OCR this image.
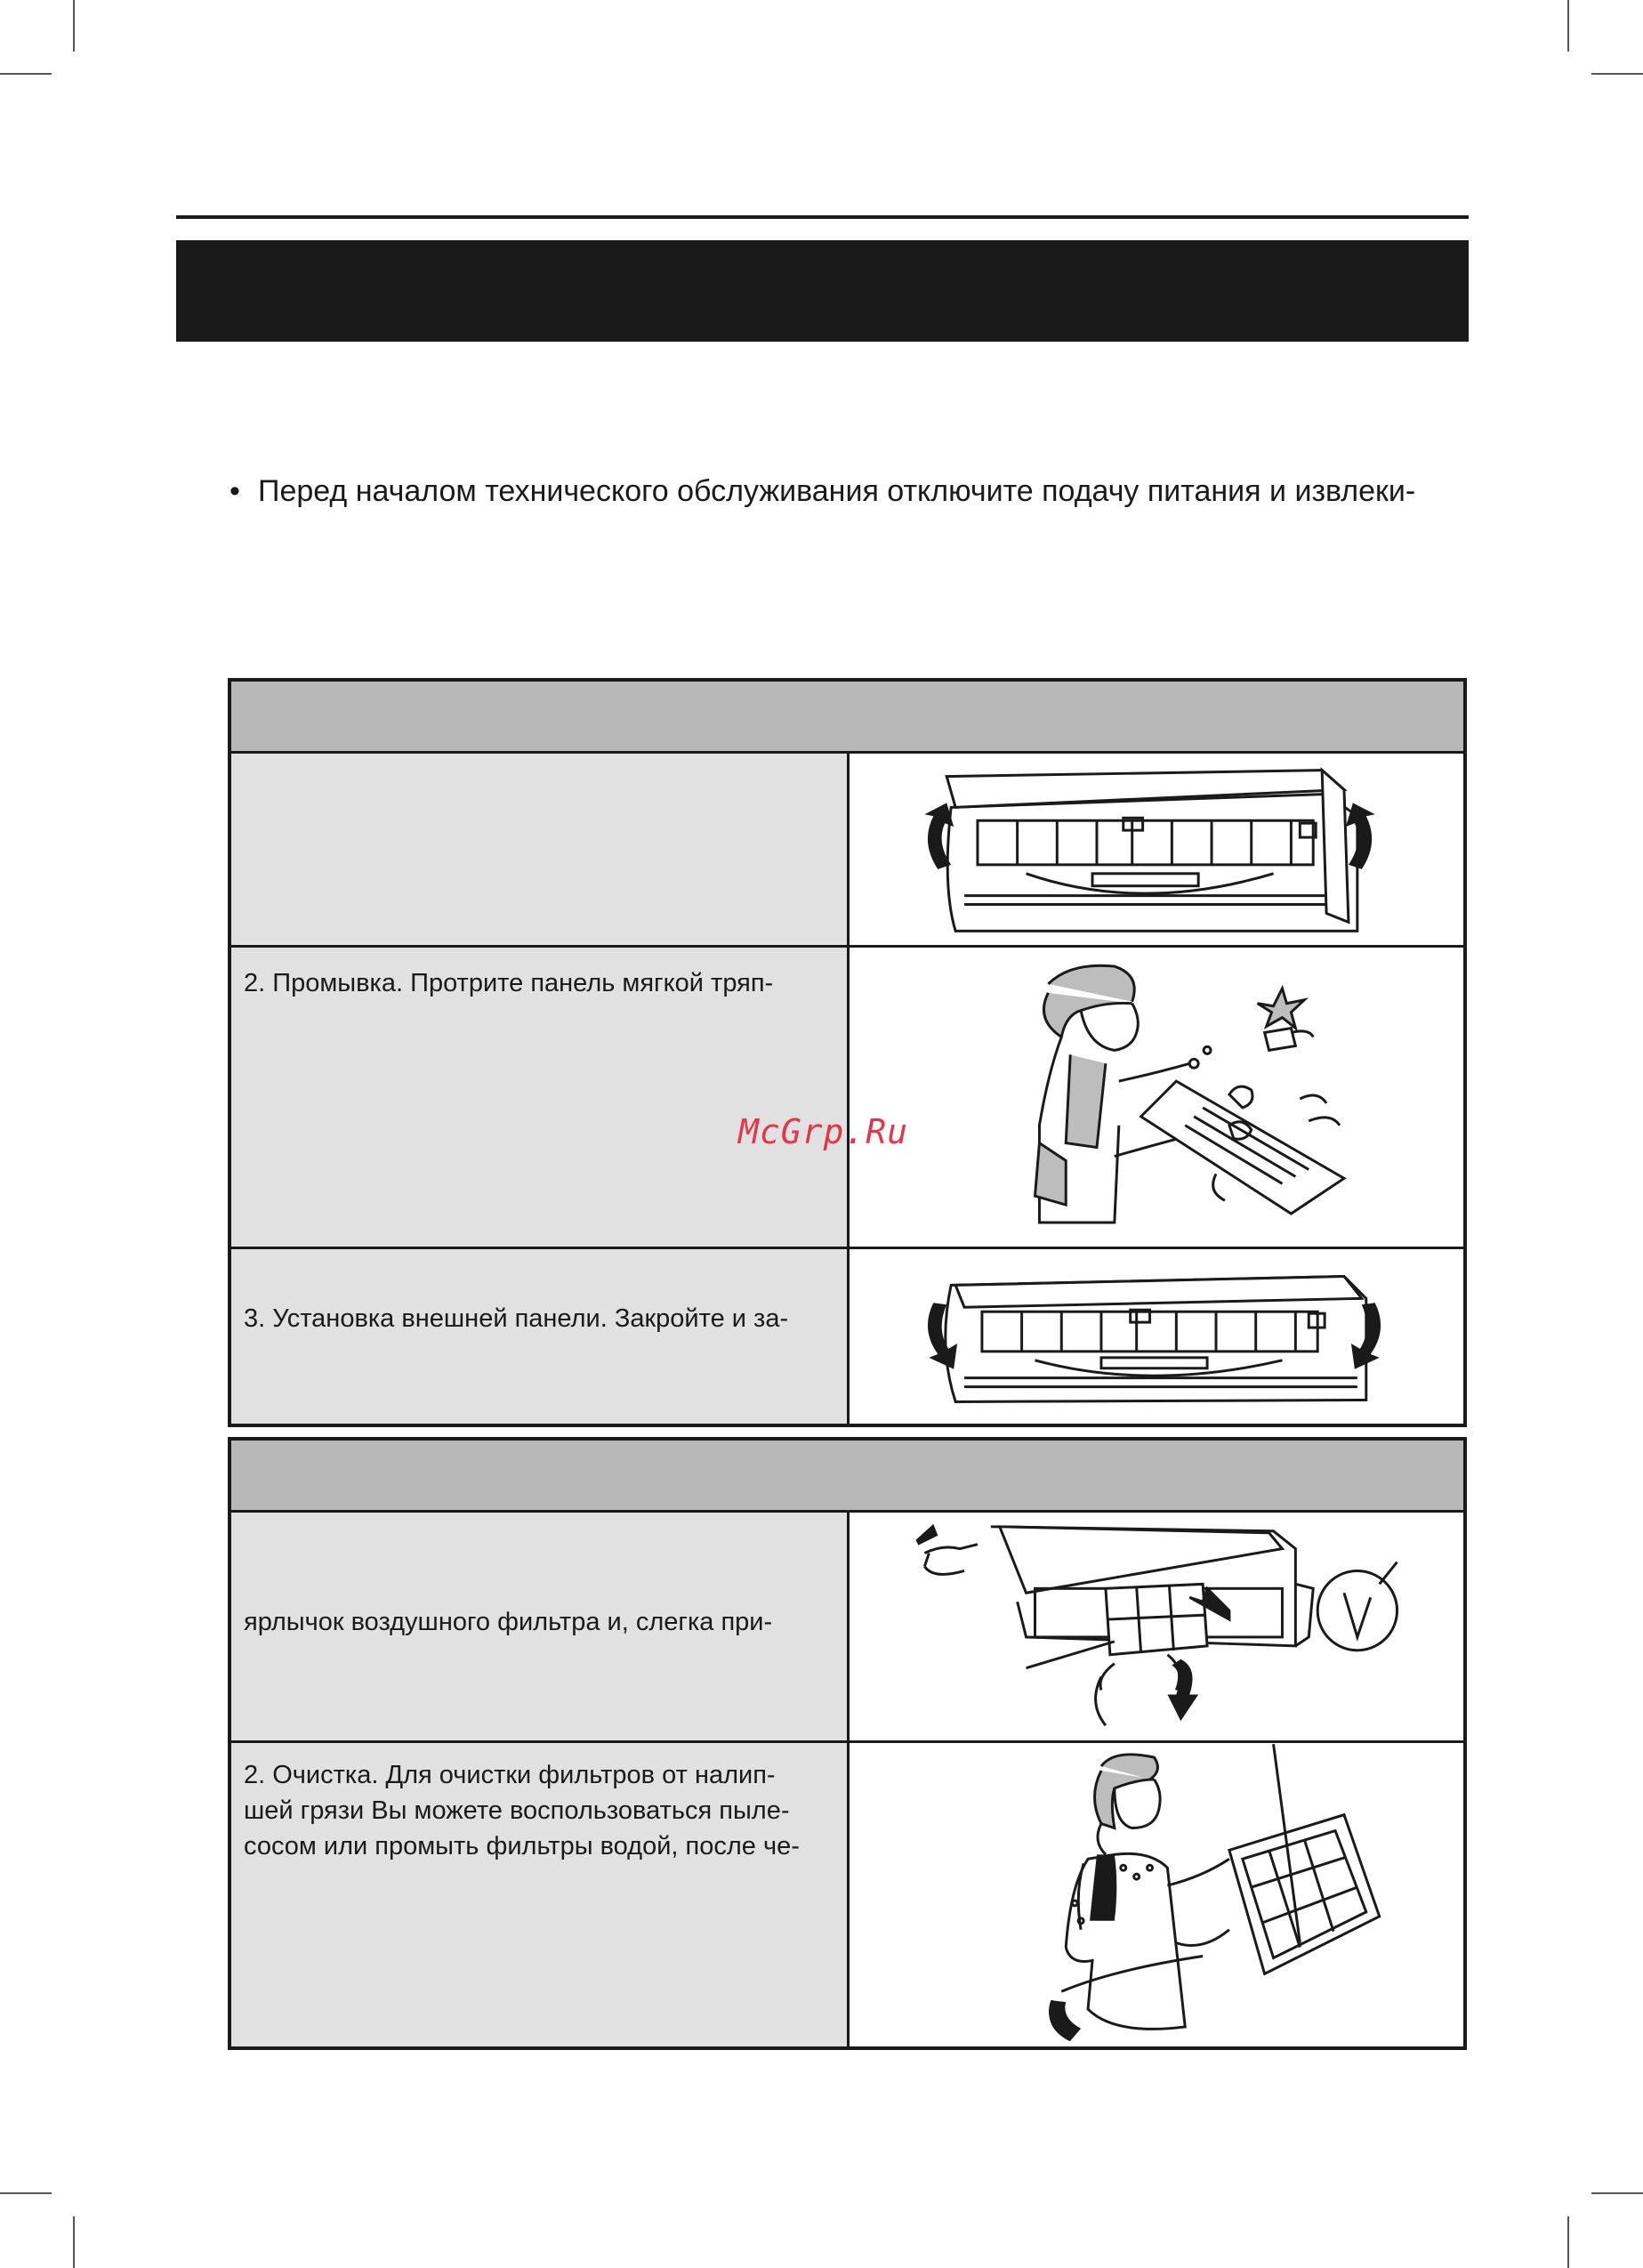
• Перед началом технического обслуживания отключите подачу питания и извлеки-
2. Промывка. Протрите панель мягкой тряп-
3. Установка внешней панели. Закройте и за-
ярлычок воздушного фильтра и, слегка при-
2. Очистка. Для очистки фильтров от налип-
шей грязи Вы можете воспользоваться пыле-
сосом или промыть фильтры водой, после че-
McGrp.Ru
